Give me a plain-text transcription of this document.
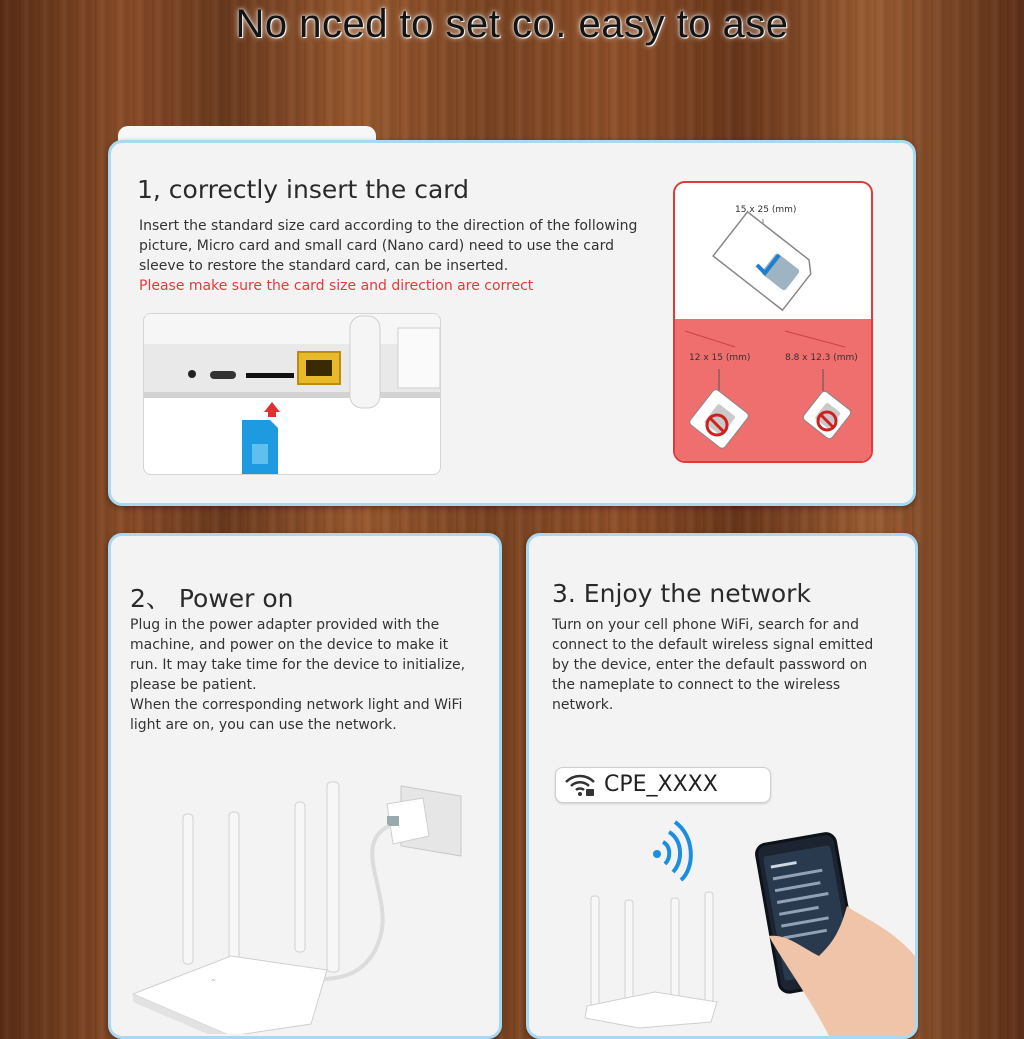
No nced to set co. easy to ase
1, correctly insert the card

Insert the standard size card according to the direction of the following picture, Micro card and small card (Nano card) need to use the card sleeve to restore the standard card, can be inserted.

Please make sure the card size and direction are correct

15 x 25 (mm)
12 x 15 (mm)	8.8 x 12.3 (mm)
2、 Power on

Plug in the power adapter provided with the machine, and power on the device to make it run. It may take time for the device to initialize, please be patient.

When the corresponding network light and WiFi light are on, you can use the network.

~
3. Enjoy the network

Turn on your cell phone WiFi, search for and connect to the default wireless signal emitted by the device, enter the default password on the nameplate to connect to the wireless network.

CPE_XXXX
